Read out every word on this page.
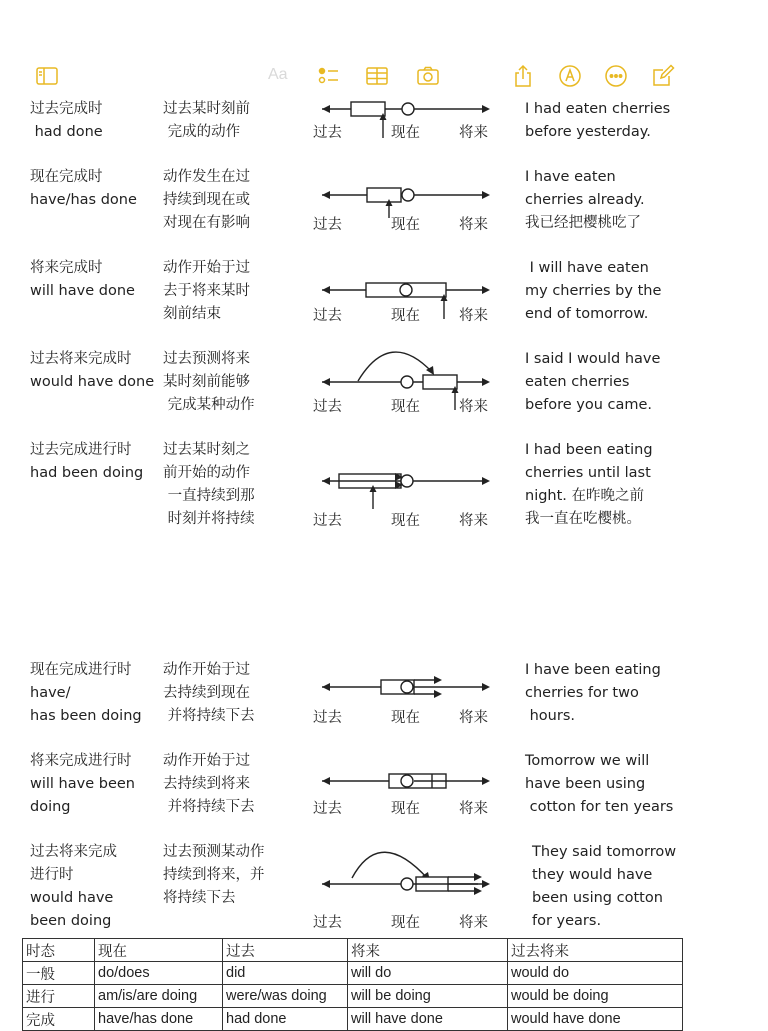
Aa
过去完成时
had done
过去某时刻前
完成的动作	过去	现在	将来
I had eaten cherries
before yesterday.
现在完成时
have/has done
动作发生在过
持续到现在或
对现在有影响	过去	现在	将来
I have eaten
cherries already.
我已经把樱桃吃了
将来完成时
will have done
动作开始于过
去于将来某时
刻前结束	过去	现在	将来
I will have eaten
my cherries by the
end of tomorrow.
过去将来完成时
would have done
过去预测将来
某时刻前能够
完成某种动作	过去	现在	将来
I said I would have
eaten cherries
before you came.
过去完成进行时
had been doing
过去某时刻之
前开始的动作
一直持续到那
时刻并将持续	过去	现在	将来
I had been eating
cherries until last
night. 在昨晚之前
我一直在吃樱桃。
现在完成进行时
have/
has been doing
动作开始于过
去持续到现在
并将持续下去	过去	现在	将来
I have been eating
cherries for two
hours.
将来完成进行时
will have been
doing
动作开始于过
去持续到将来
并将持续下去	过去	现在	将来
Tomorrow we will
have been using
cotton for ten years
过去将来完成
进行时
would have
been doing
过去预测某动作
持续到将来，并
将持续下去
过去	现在	将来
They said tomorrow
they would have
been using cotton
for years.
时态	现在	过去	将来	过去将来
一般	do/does	did	will do	would do
进行	am/is/are doing	were/was doing	will be doing	would be doing
完成	have/has done	had done	will have done	would have done
